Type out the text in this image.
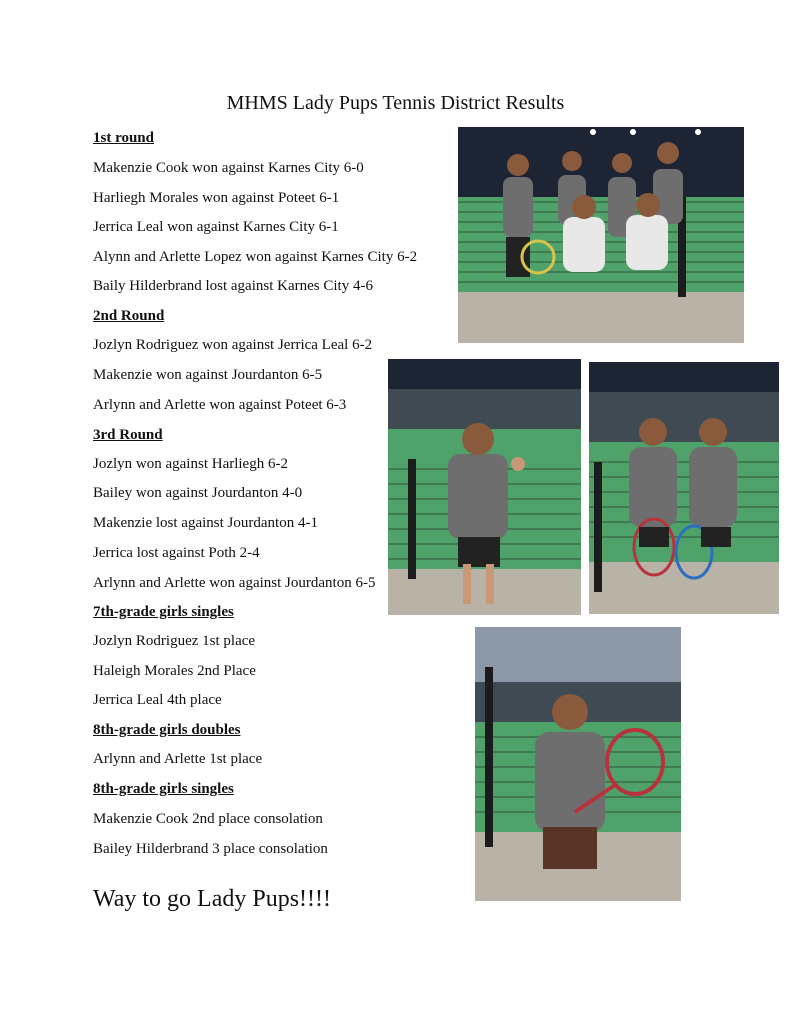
MHMS Lady Pups Tennis District Results
1st round
Makenzie Cook won against Karnes City 6-0
Harliegh Morales won against Poteet 6-1
Jerrica Leal won against Karnes City 6-1
Alynn and Arlette Lopez won against Karnes City 6-2
Baily Hilderbrand lost against Karnes City 4-6
2nd Round
Jozlyn Rodriguez won against Jerrica Leal 6-2
Makenzie won against Jourdanton 6-5
Arlynn and Arlette won against Poteet 6-3
3rd Round
Jozlyn won against Harliegh 6-2
Bailey won against Jourdanton 4-0
Makenzie lost against Jourdanton 4-1
Jerrica lost against Poth 2-4
Arlynn and Arlette won against Jourdanton 6-5
7th-grade girls singles
Jozlyn Rodriguez 1st place
Haleigh Morales 2nd Place
Jerrica Leal 4th place
8th-grade girls doubles
Arlynn and Arlette 1st place
8th-grade girls singles
Makenzie Cook 2nd place consolation
Bailey Hilderbrand 3 place consolation
Way to go Lady Pups!!!!
